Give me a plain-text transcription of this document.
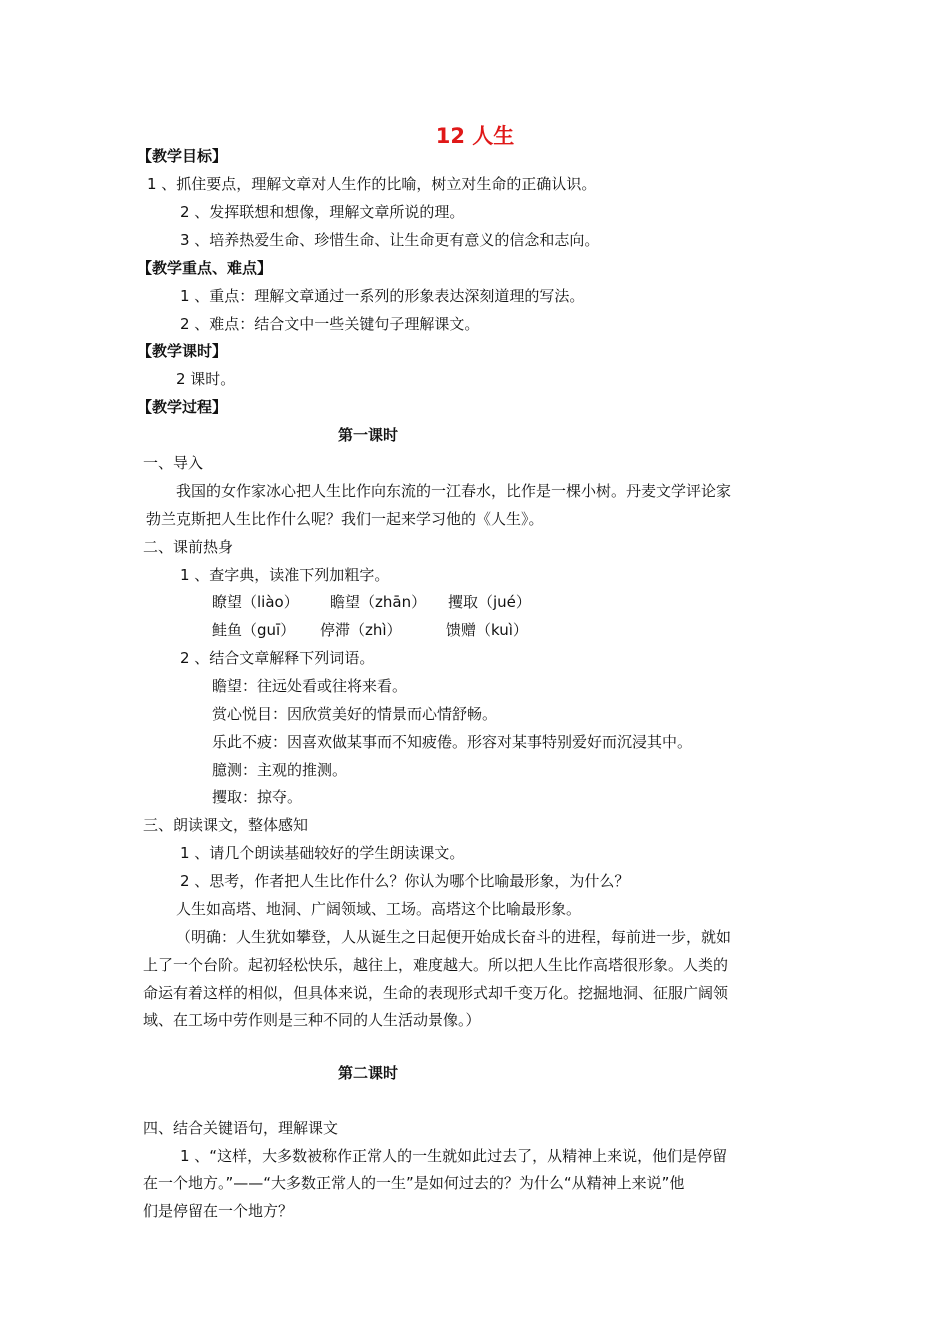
12 人生
【教学目标】
1 、抓住要点，理解文章对人生作的比喻，树立对生命的正确认识。
2 、发挥联想和想像，理解文章所说的理。
3 、培养热爱生命、珍惜生命、让生命更有意义的信念和志向。
【教学重点、难点】
1 、重点：理解文章通过一系列的形象表达深刻道理的写法。
2 、难点：结合文中一些关键句子理解课文。
【教学课时】
2 课时。
【教学过程】
第一课时
一、导入
我国的女作家冰心把人生比作向东流的一江春水，比作是一棵小树。丹麦文学评论家
勃兰克斯把人生比作什么呢？我们一起来学习他的《人生》。
二、课前热身
1 、查字典，读准下列加粗字。
瞭望（liào）	瞻望（zhān）	攫取（jué）
鲑鱼（guī）	停滞（zhì）	馈赠（kuì）
2 、结合文章解释下列词语。
瞻望：往远处看或往将来看。
赏心悦目：因欣赏美好的情景而心情舒畅。
乐此不疲：因喜欢做某事而不知疲倦。形容对某事特别爱好而沉浸其中。
臆测：主观的推测。
攫取：掠夺。
三、朗读课文，整体感知
1 、请几个朗读基础较好的学生朗读课文。
2 、思考，作者把人生比作什么？你认为哪个比喻最形象，为什么？
人生如高塔、地洞、广阔领域、工场。高塔这个比喻最形象。
（明确：人生犹如攀登，人从诞生之日起便开始成长奋斗的进程，每前进一步，就如
上了一个台阶。起初轻松快乐，越往上，难度越大。所以把人生比作高塔很形象。人类的
命运有着这样的相似，但具体来说，生命的表现形式却千变万化。挖掘地洞、征服广阔领
域、在工场中劳作则是三种不同的人生活动景像。）
第二课时
四、结合关键语句，理解课文
1 、“这样，大多数被称作正常人的一生就如此过去了，从精神上来说，他们是停留
在一个地方。”——“大多数正常人的一生”是如何过去的？为什么“从精神上来说”他
们是停留在一个地方？
